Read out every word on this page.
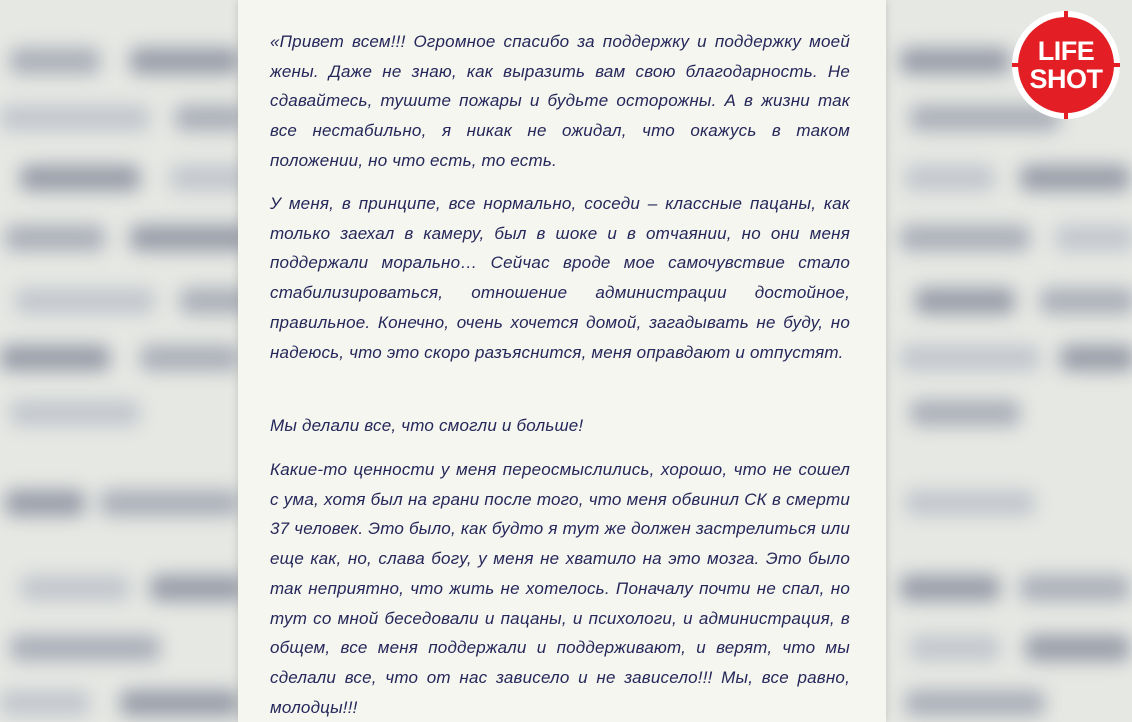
«Привет всем!!! Огромное спасибо за поддержку и поддержку моей жены. Даже не знаю, как выразить вам свою благодарность. Не сдавайтесь, тушите пожары и будьте осторожны. А в жизни так все нестабильно, я никак не ожидал, что окажусь в таком положении, но что есть, то есть.

У меня, в принципе, все нормально, соседи – классные пацаны, как только заехал в камеру, был в шоке и в отчаянии, но они меня поддержали морально… Сейчас вроде мое самочувствие стало стабилизироваться, отношение администрации достойное, правильное. Конечно, очень хочется домой, загадывать не буду, но надеюсь, что это скоро разъяснится, меня оправдают и отпустят.

Мы делали все, что смогли и больше!

Какие-то ценности у меня переосмыслились, хорошо, что не сошел с ума, хотя был на грани после того, что меня обвинил СК в смерти 37 человек. Это было, как будто я тут же должен застрелиться или еще как, но, слава богу, у меня не хватило на это мозга. Это было так неприятно, что жить не хотелось. Поначалу почти не спал, но тут со мной беседовали и пацаны, и психологи, и администрация, в общем, все меня поддержали и поддерживают, и верят, что мы сделали все, что от нас зависело и не зависело!!! Мы, все равно, молодцы!!!

LIFE
SHOT
